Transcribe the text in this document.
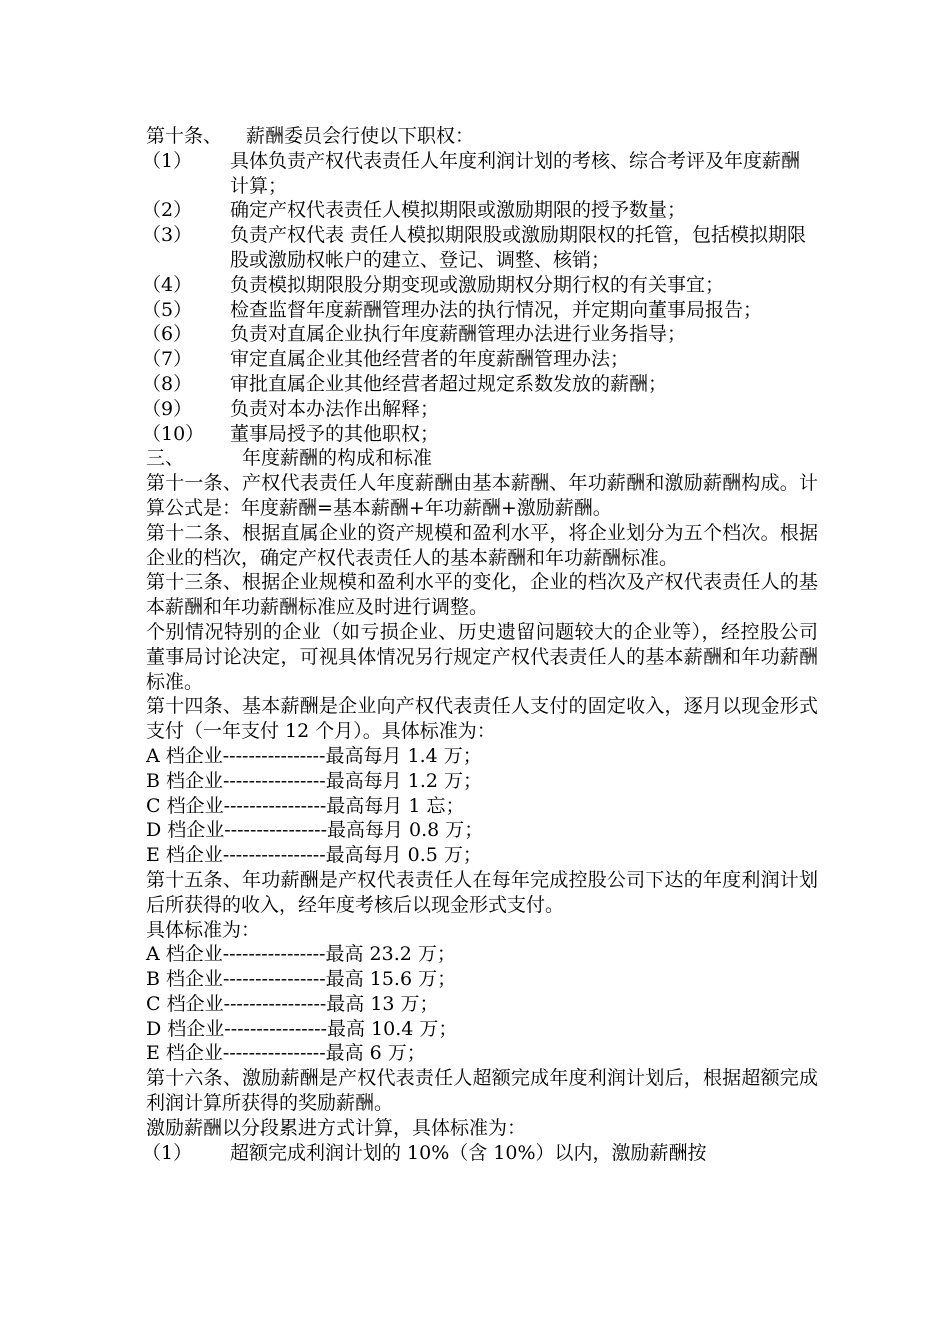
第十条、 薪酬委员会行使以下职权：
（1） 具体负责产权代表责任人年度利润计划的考核、综合考评及年度薪酬计算；
（2） 确定产权代表责任人模拟期限或激励期限的授予数量；
（3） 负责产权代表 责任人模拟期限股或激励期限权的托管，包括模拟期限股或激励权帐户的建立、登记、调整、核销；
（4） 负责模拟期限股分期变现或激励期权分期行权的有关事宜；
（5） 检查监督年度薪酬管理办法的执行情况，并定期向董事局报告；
（6） 负责对直属企业执行年度薪酬管理办法进行业务指导；
（7） 审定直属企业其他经营者的年度薪酬管理办法；
（8） 审批直属企业其他经营者超过规定系数发放的薪酬；
（9） 负责对本办法作出解释；
（10） 董事局授予的其他职权；
三、	年度薪酬的构成和标准
第十一条、产权代表责任人年度薪酬由基本薪酬、年功薪酬和激励薪酬构成。计算公式是：年度薪酬=基本薪酬+年功薪酬+激励薪酬。
第十二条、根据直属企业的资产规模和盈利水平，将企业划分为五个档次。根据企业的档次，确定产权代表责任人的基本薪酬和年功薪酬标准。
第十三条、根据企业规模和盈利水平的变化，企业的档次及产权代表责任人的基本薪酬和年功薪酬标准应及时进行调整。
个别情况特别的企业（如亏损企业、历史遗留问题较大的企业等），经控股公司董事局讨论决定，可视具体情况另行规定产权代表责任人的基本薪酬和年功薪酬标准。
第十四条、基本薪酬是企业向产权代表责任人支付的固定收入，逐月以现金形式支付（一年支付 12 个月）。具体标准为：
A 档企业----------------最高每月 1.4 万；
B 档企业----------------最高每月 1.2 万；
C 档企业----------------最高每月 1 忘；
D 档企业----------------最高每月 0.8 万；
E 档企业----------------最高每月 0.5 万；
第十五条、年功薪酬是产权代表责任人在每年完成控股公司下达的年度利润计划后所获得的收入，经年度考核后以现金形式支付。
具体标准为：
A 档企业----------------最高 23.2 万；
B 档企业----------------最高 15.6 万；
C 档企业----------------最高 13 万；
D 档企业----------------最高 10.4 万；
E 档企业----------------最高 6 万；
第十六条、激励薪酬是产权代表责任人超额完成年度利润计划后，根据超额完成利润计算所获得的奖励薪酬。
激励薪酬以分段累进方式计算，具体标准为：
（1） 超额完成利润计划的 10%（含 10%）以内，激励薪酬按
